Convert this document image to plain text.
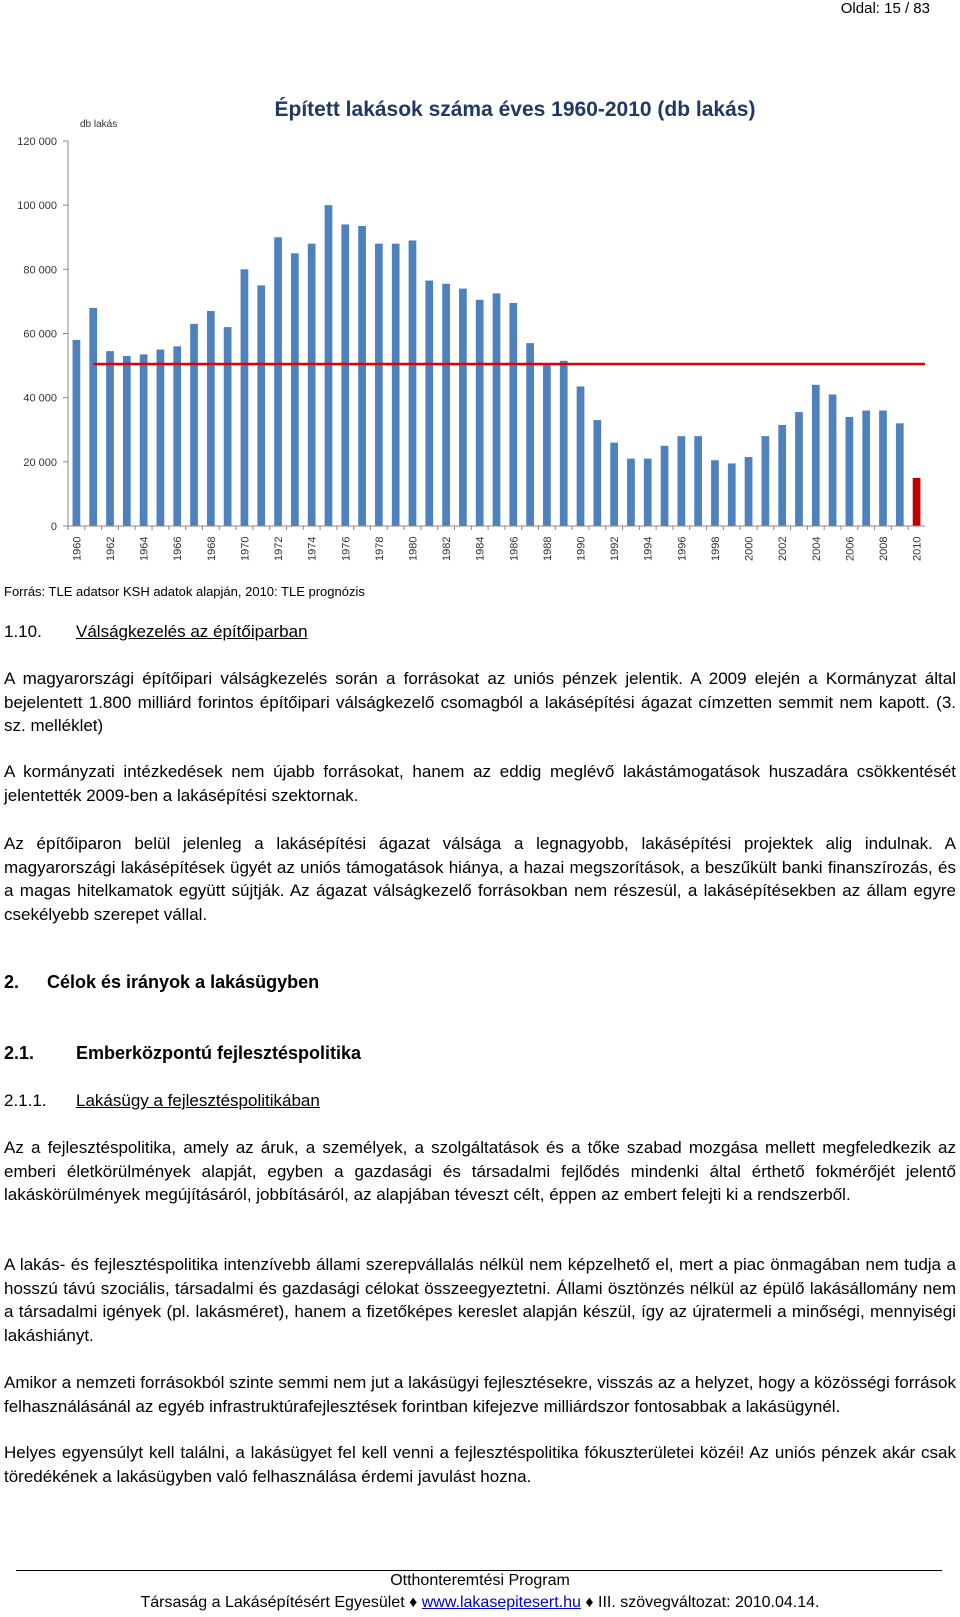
Oldal: 15 / 83
Épített lakások száma éves 1960-2010 (db lakás)
db lakás
0
20 000
40 000
60 000
80 000
100 000
120 000
1960 1962 1964 1966 1968 1970 1972 1974 1976 1978 1980 1982 1984 1986 1988 1990 1992 1994 1996 1998 2000 2002 2004 2006 2008 2010
Forrás: TLE adatsor KSH adatok alapján, 2010: TLE prognózis
1.10. Válságkezelés az építőiparban

A magyarországi építőipari válságkezelés során a forrásokat az uniós pénzek jelentik. A 2009 elején a Kormányzat által bejelentett 1.800 milliárd forintos építőipari válságkezelő csomagból a lakásépítési ágazat címzetten semmit nem kapott. (3. sz. melléklet)

A kormányzati intézkedések nem újabb forrásokat, hanem az eddig meglévő lakástámogatások huszadára csökkentését jelentették 2009-ben a lakásépítési szektornak.

Az építőiparon belül jelenleg a lakásépítési ágazat válsága a legnagyobb, lakásépítési projektek alig indulnak. A magyarországi lakásépítések ügyét az uniós támogatások hiánya, a hazai megszorítások, a beszűkült banki finanszírozás, és a magas hitelkamatok együtt sújtják. Az ágazat válságkezelő forrásokban nem részesül, a lakásépítésekben az állam egyre csekélyebb szerepet vállal.

2. Célok és irányok a lakásügyben
2.1. Emberközpontú fejlesztéspolitika
2.1.1. Lakásügy a fejlesztéspolitikában

Az a fejlesztéspolitika, amely az áruk, a személyek, a szolgáltatások és a tőke szabad mozgása mellett megfeledkezik az emberi életkörülmények alapját, egyben a gazdasági és társadalmi fejlődés mindenki által érthető fokmérőjét jelentő lakáskörülmények megújításáról, jobbításáról, az alapjában téveszt célt, éppen az embert felejti ki a rendszerből.

A lakás- és fejlesztéspolitika intenzívebb állami szerepvállalás nélkül nem képzelhető el, mert a piac önmagában nem tudja a hosszú távú szociális, társadalmi és gazdasági célokat összeegyeztetni. Állami ösztönzés nélkül az épülő lakásállomány nem a társadalmi igények (pl. lakásméret), hanem a fizetőképes kereslet alapján készül, így az újratermeli a minőségi, mennyiségi lakáshiányt.

Amikor a nemzeti forrásokból szinte semmi nem jut a lakásügyi fejlesztésekre, visszás az a helyzet, hogy a közösségi források felhasználásánál az egyéb infrastruktúrafejlesztések forintban kifejezve milliárdszor fontosabbak a lakásügynél.

Helyes egyensúlyt kell találni, a lakásügyet fel kell venni a fejlesztéspolitika fókuszterületei közéi! Az uniós pénzek akár csak töredékének a lakásügyben való felhasználása érdemi javulást hozna.

Otthonteremtési Program
Társaság a Lakásépítésért Egyesület ♦ www.lakasepitesert.hu ♦ III. szövegváltozat: 2010.04.14.
